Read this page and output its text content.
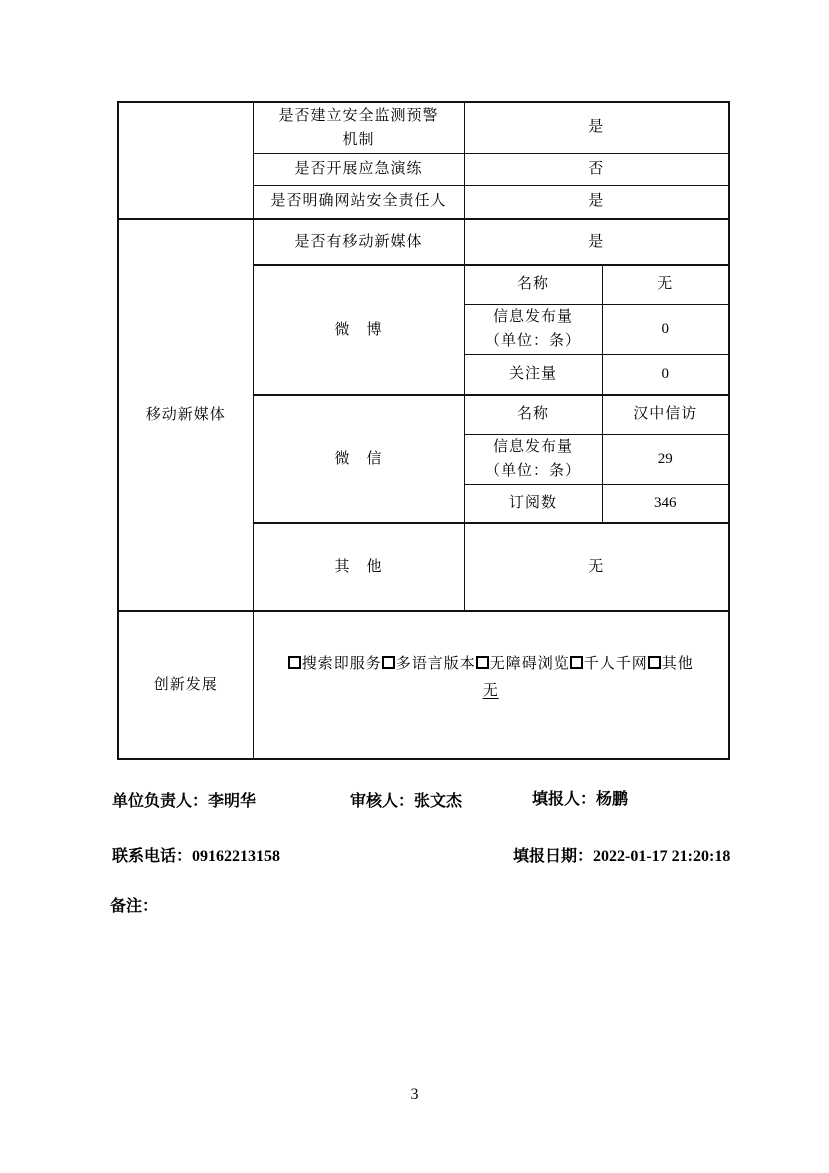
	是否建立安全监测预警
机制	是	
	是否开展应急演练	否	
	是否明确网站安全责任人	是	
移动新媒体	是否有移动新媒体	是	
	微　博	名称	无

		信息发布量
（单位：条）	0
		关注量	0
	微　信	名称	汉中信访

		信息发布量
（单位：条）	29
		订阅数	346
	其　他	无	
创新发展	搜索即服务 多语言版本 无障碍浏览 千人千网 其他
无		
单位负责人：李明华	审核人：张文杰	填报人：杨鹏
联系电话：09162213158	填报日期：2022-01-17 21:20:18
备注：
3
